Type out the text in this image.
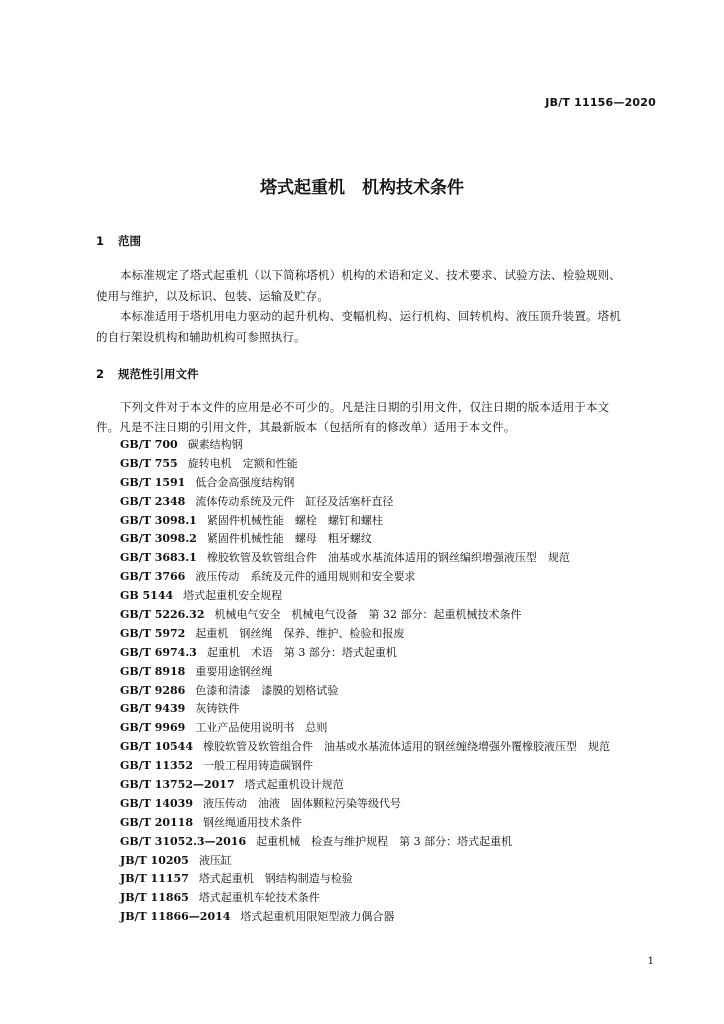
JB/T 11156—2020
塔式起重机　机构技术条件
1 范围
本标准规定了塔式起重机（以下简称塔机）机构的术语和定义、技术要求、试验方法、检验规则、
使用与维护，以及标识、包装、运输及贮存。
本标准适用于塔机用电力驱动的起升机构、变幅机构、运行机构、回转机构、液压顶升装置。塔机
的自行架设机构和辅助机构可参照执行。
2 规范性引用文件
下列文件对于本文件的应用是必不可少的。凡是注日期的引用文件，仅注日期的版本适用于本文
件。凡是不注日期的引用文件，其最新版本（包括所有的修改单）适用于本文件。
GB/T 700 碳素结构钢
GB/T 755 旋转电机　定额和性能
GB/T 1591 低合金高强度结构钢
GB/T 2348 流体传动系统及元件　缸径及活塞杆直径
GB/T 3098.1 紧固件机械性能　螺栓　螺钉和螺柱
GB/T 3098.2 紧固件机械性能　螺母　粗牙螺纹
GB/T 3683.1 橡胶软管及软管组合件　油基或水基流体适用的钢丝编织增强液压型　规范
GB/T 3766 液压传动　系统及元件的通用规则和安全要求
GB 5144 塔式起重机安全规程
GB/T 5226.32 机械电气安全　机械电气设备　第 32 部分：起重机械技术条件
GB/T 5972 起重机　钢丝绳　保养、维护、检验和报废
GB/T 6974.3 起重机　术语　第 3 部分：塔式起重机
GB/T 8918 重要用途钢丝绳
GB/T 9286 色漆和清漆　漆膜的划格试验
GB/T 9439 灰铸铁件
GB/T 9969 工业产品使用说明书　总则
GB/T 10544 橡胶软管及软管组合件　油基或水基流体适用的钢丝缠绕增强外覆橡胶液压型　规范
GB/T 11352 一般工程用铸造碳钢件
GB/T 13752—2017 塔式起重机设计规范
GB/T 14039 液压传动　油液　固体颗粒污染等级代号
GB/T 20118 钢丝绳通用技术条件
GB/T 31052.3—2016 起重机械　检查与维护规程　第 3 部分：塔式起重机
JB/T 10205 液压缸
JB/T 11157 塔式起重机　钢结构制造与检验
JB/T 11865 塔式起重机车轮技术条件
JB/T 11866—2014 塔式起重机用限矩型液力偶合器
1
